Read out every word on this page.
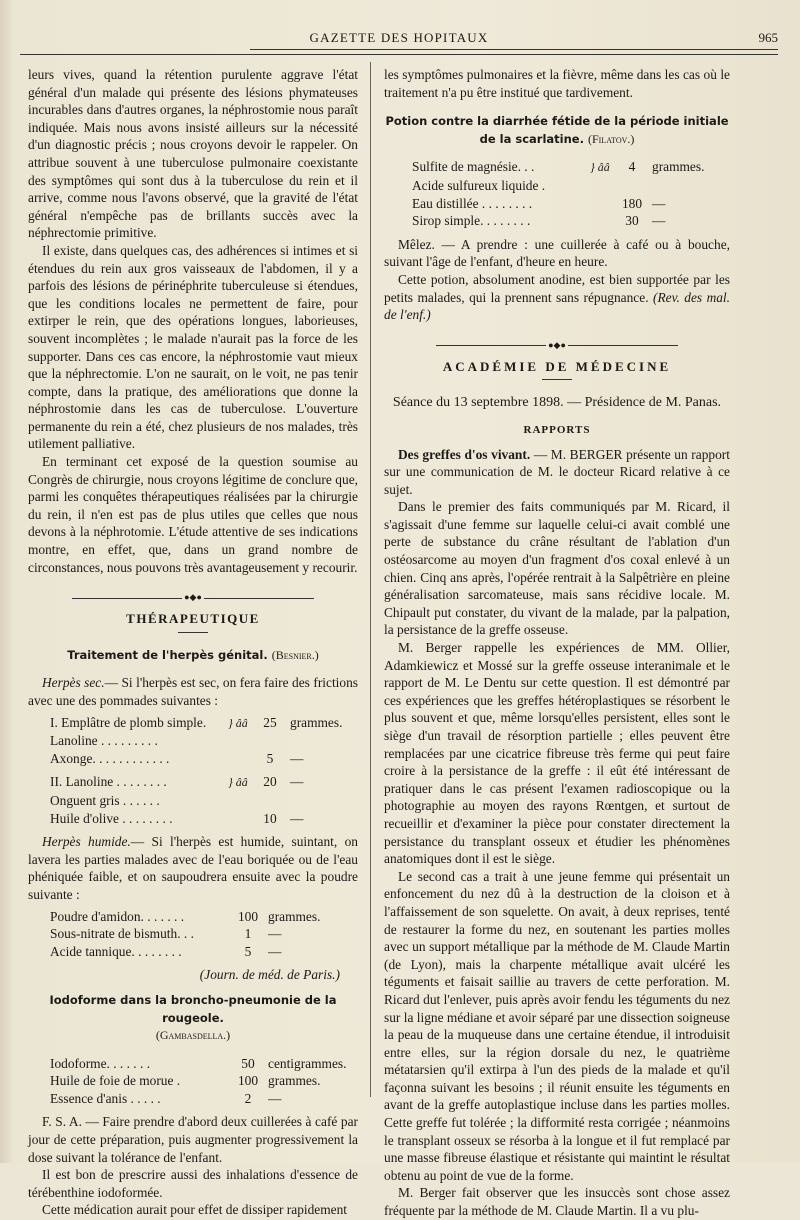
GAZETTE DES HOPITAUX	965

leurs vives, quand la rétention purulente aggrave l'état général d'un malade qui présente des lésions phymateuses incurables dans d'autres organes, la néphrostomie nous paraît indiquée. Mais nous avons insisté ailleurs sur la nécessité d'un diagnostic précis ; nous croyons devoir le rappeler. On attribue souvent à une tuberculose pulmonaire coexistante des symptômes qui sont dus à la tuberculose du rein et il arrive, comme nous l'avons observé, que la gravité de l'état général n'empêche pas de brillants succès avec la néphrectomie primitive.

Il existe, dans quelques cas, des adhérences si intimes et si étendues du rein aux gros vaisseaux de l'abdomen, il y a parfois des lésions de périnéphrite tuberculeuse si étendues, que les conditions locales ne permettent de faire, pour extirper le rein, que des opérations longues, laborieuses, souvent incomplètes ; le malade n'aurait pas la force de les supporter. Dans ces cas encore, la néphrostomie vaut mieux que la néphrectomie. L'on ne saurait, on le voit, ne pas tenir compte, dans la pratique, des améliorations que donne la néphrostomie dans les cas de tuberculose. L'ouverture permanente du rein a été, chez plusieurs de nos malades, très utilement palliative.

En terminant cet exposé de la question soumise au Congrès de chirurgie, nous croyons légitime de conclure que, parmi les conquêtes thérapeutiques réalisées par la chirurgie du rein, il n'en est pas de plus utiles que celles que nous devons à la néphrotomie. L'étude attentive de ses indications montre, en effet, que, dans un grand nombre de circonstances, nous pouvons très avantageusement y recourir.

●◆●
THÉRAPEUTIQUE
Traitement de l'herpès génital. (Besnier.)

Herpès sec.— Si l'herpès est sec, on fera faire des frictions avec une des pommades suivantes :

I. Emplâtre de plomb simple.	} ââ	25 grammes.
Lanoline . . . . . . . . .
Axonge. . . . . . . . . . . .	5	—
II. Lanoline . . . . . . . .	} ââ	20 —
Onguent gris . . . . . .
Huile d'olive . . . . . . . .	10 —

Herpès humide.— Si l'herpès est humide, suintant, on lavera les parties malades avec de l'eau boriquée ou de l'eau phéniquée faible, et on saupoudrera ensuite avec la poudre suivante :

Poudre d'amidon. . . . . . .	100 grammes.
Sous-nitrate de bismuth. . .	1	—
Acide tannique. . . . . . . .	5	—
(Journ. de méd. de Paris.)
Iodoforme dans la broncho-pneumonie de la rougeole.
(Gambasdella.)
Iodoforme. . . . . . .	50 centigrammes.
Huile de foie de morue .	100 grammes.
Essence d'anis . . . . .	2	—

F. S. A. — Faire prendre d'abord deux cuillerées à café par jour de cette préparation, puis augmenter progressivement la dose suivant la tolérance de l'enfant.

Il est bon de prescrire aussi des inhalations d'essence de térébenthine iodoformée.

Cette médication aurait pour effet de dissiper rapidement

les symptômes pulmonaires et la fièvre, même dans les cas où le traitement n'a pu être institué que tardivement.

Potion contre la diarrhée fétide de la période initiale de la scarlatine. (Filatov.)
Sulfite de magnésie. . .	} ââ	4	grammes.
Acide sulfureux liquide .
Eau distillée . . . . . . . .	180 —
Sirop simple. . . . . . . .	30 —

Mêlez. — A prendre : une cuillerée à café ou à bouche, suivant l'âge de l'enfant, d'heure en heure.

Cette potion, absolument anodine, est bien supportée par les petits malades, qui la prennent sans répugnance. (Rev. des mal. de l'enf.)

●◆●
ACADÉMIE DE MÉDECINE
Séance du 13 septembre 1898. — Présidence de M. Panas.
RAPPORTS

Des greffes d'os vivant. — M. BERGER présente un rapport sur une communication de M. le docteur Ricard relative à ce sujet.

Dans le premier des faits communiqués par M. Ricard, il s'agissait d'une femme sur laquelle celui-ci avait comblé une perte de substance du crâne résultant de l'ablation d'un ostéosarcome au moyen d'un fragment d'os coxal enlevé à un chien. Cinq ans après, l'opérée rentrait à la Salpêtrière en pleine généralisation sarcomateuse, mais sans récidive locale. M. Chipault put constater, du vivant de la malade, par la palpation, la persistance de la greffe osseuse.

M. Berger rappelle les expériences de MM. Ollier, Adamkiewicz et Mossé sur la greffe osseuse interanimale et le rapport de M. Le Dentu sur cette question. Il est démontré par ces expériences que les greffes hétéroplastiques se résorbent le plus souvent et que, même lorsqu'elles persistent, elles sont le siège d'un travail de résorption partielle ; elles peuvent être remplacées par une cicatrice fibreuse très ferme qui peut faire croire à la persistance de la greffe : il eût été intéressant de pratiquer dans le cas présent l'examen radioscopique ou la photographie au moyen des rayons Rœntgen, et surtout de recueillir et d'examiner la pièce pour constater directement la persistance du transplant osseux et étudier les phénomènes anatomiques dont il est le siège.

Le second cas a trait à une jeune femme qui présentait un enfoncement du nez dû à la destruction de la cloison et à l'affaissement de son squelette. On avait, à deux reprises, tenté de restaurer la forme du nez, en soutenant les parties molles avec un support métallique par la méthode de M. Claude Martin (de Lyon), mais la charpente métallique avait ulcéré les téguments et faisait saillie au travers de cette perforation. M. Ricard dut l'enlever, puis après avoir fendu les téguments du nez sur la ligne médiane et avoir séparé par une dissection soigneuse la peau de la muqueuse dans une certaine étendue, il introduisit entre elles, sur la région dorsale du nez, le quatrième métatarsien qu'il extirpa à l'un des pieds de la malade et qu'il façonna suivant les besoins ; il réunit ensuite les téguments en avant de la greffe autoplastique incluse dans les parties molles. Cette greffe fut tolérée ; la difformité resta corrigée ; néanmoins le transplant osseux se résorba à la longue et il fut remplacé par une masse fibreuse élastique et résistante qui maintint le résultat obtenu au point de vue de la forme.

M. Berger fait observer que les insuccès sont chose assez fréquente par la méthode de M. Claude Martin. Il a vu plu-
